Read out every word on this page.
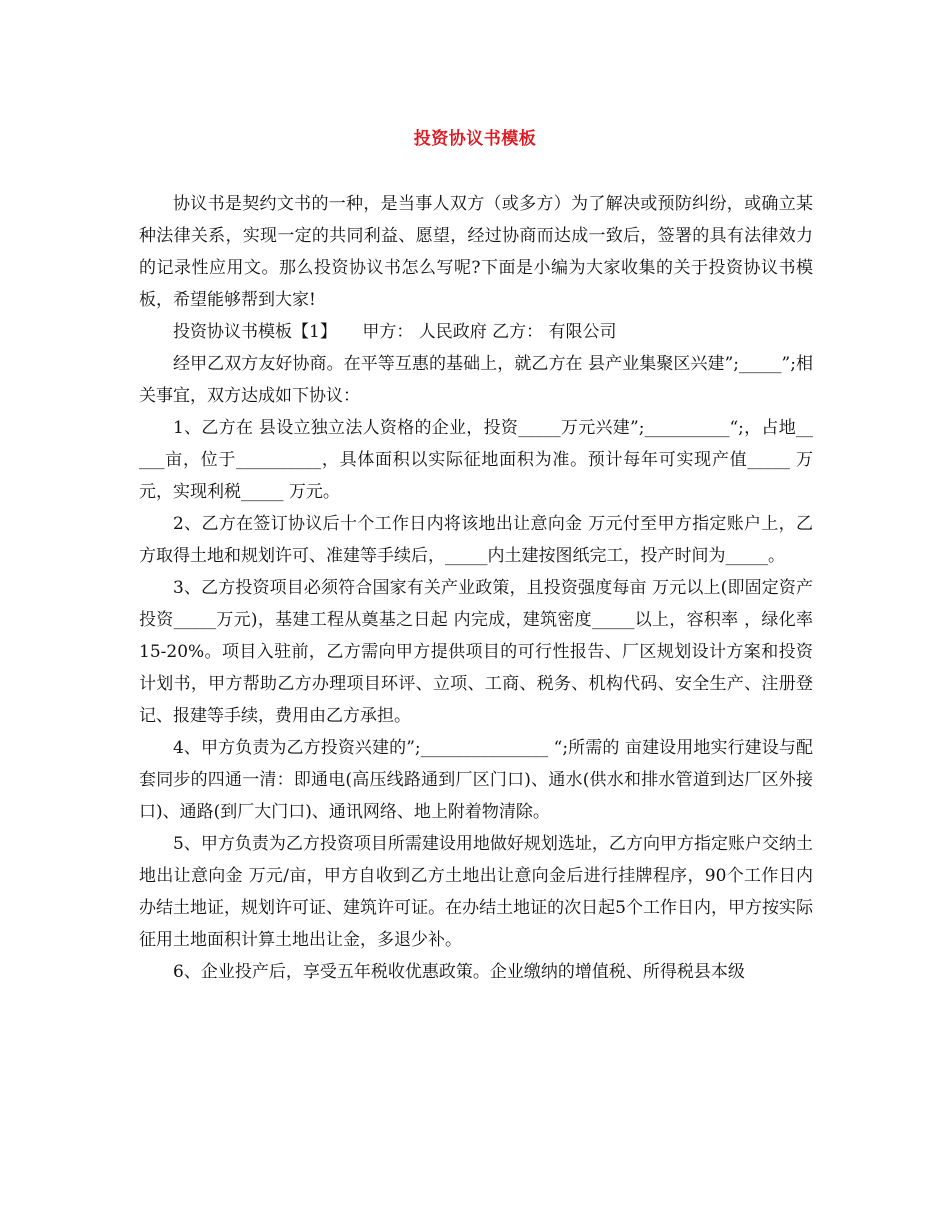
投资协议书模板

协议书是契约文书的一种，是当事人双方（或多方）为了解决或预防纠纷，或确立某种法律关系，实现一定的共同利益、愿望，经过协商而达成一致后，签署的具有法律效力的记录性应用文。那么投资协议书怎么写呢?下面是小编为大家收集的关于投资协议书模板，希望能够帮到大家!

投资协议书模板【1】　　甲方： 人民政府 乙方： 有限公司

经甲乙双方友好协商。在平等互惠的基础上，就乙方在 县产业集聚区兴建”;_____”;相关事宜，双方达成如下协议：

1、乙方在 县设立独立法人资格的企业，投资_____万元兴建”;__________“;，占地_____亩，位于__________，具体面积以实际征地面积为准。预计每年可实现产值_____ 万元，实现利税_____ 万元。

2、乙方在签订协议后十个工作日内将该地出让意向金 万元付至甲方指定账户上，乙方取得土地和规划许可、准建等手续后，_____内土建按图纸完工，投产时间为_____。

3、乙方投资项目必须符合国家有关产业政策，且投资强度每亩 万元以上(即固定资产投资_____万元)，基建工程从奠基之日起 内完成，建筑密度_____以上，容积率 ，绿化率15-20%。项目入驻前，乙方需向甲方提供项目的可行性报告、厂区规划设计方案和投资计划书，甲方帮助乙方办理项目环评、立项、工商、税务、机构代码、安全生产、注册登记、报建等手续，费用由乙方承担。

4、甲方负责为乙方投资兴建的”;_______________ “;所需的 亩建设用地实行建设与配套同步的四通一清：即通电(高压线路通到厂区门口)、通水(供水和排水管道到达厂区外接口)、通路(到厂大门口)、通讯网络、地上附着物清除。

5、甲方负责为乙方投资项目所需建设用地做好规划选址，乙方向甲方指定账户交纳土地出让意向金 万元/亩，甲方自收到乙方土地出让意向金后进行挂牌程序，90个工作日内办结土地证，规划许可证、建筑许可证。在办结土地证的次日起5个工作日内，甲方按实际征用土地面积计算土地出让金，多退少补。

6、企业投产后，享受五年税收优惠政策。企业缴纳的增值税、所得税县本级
